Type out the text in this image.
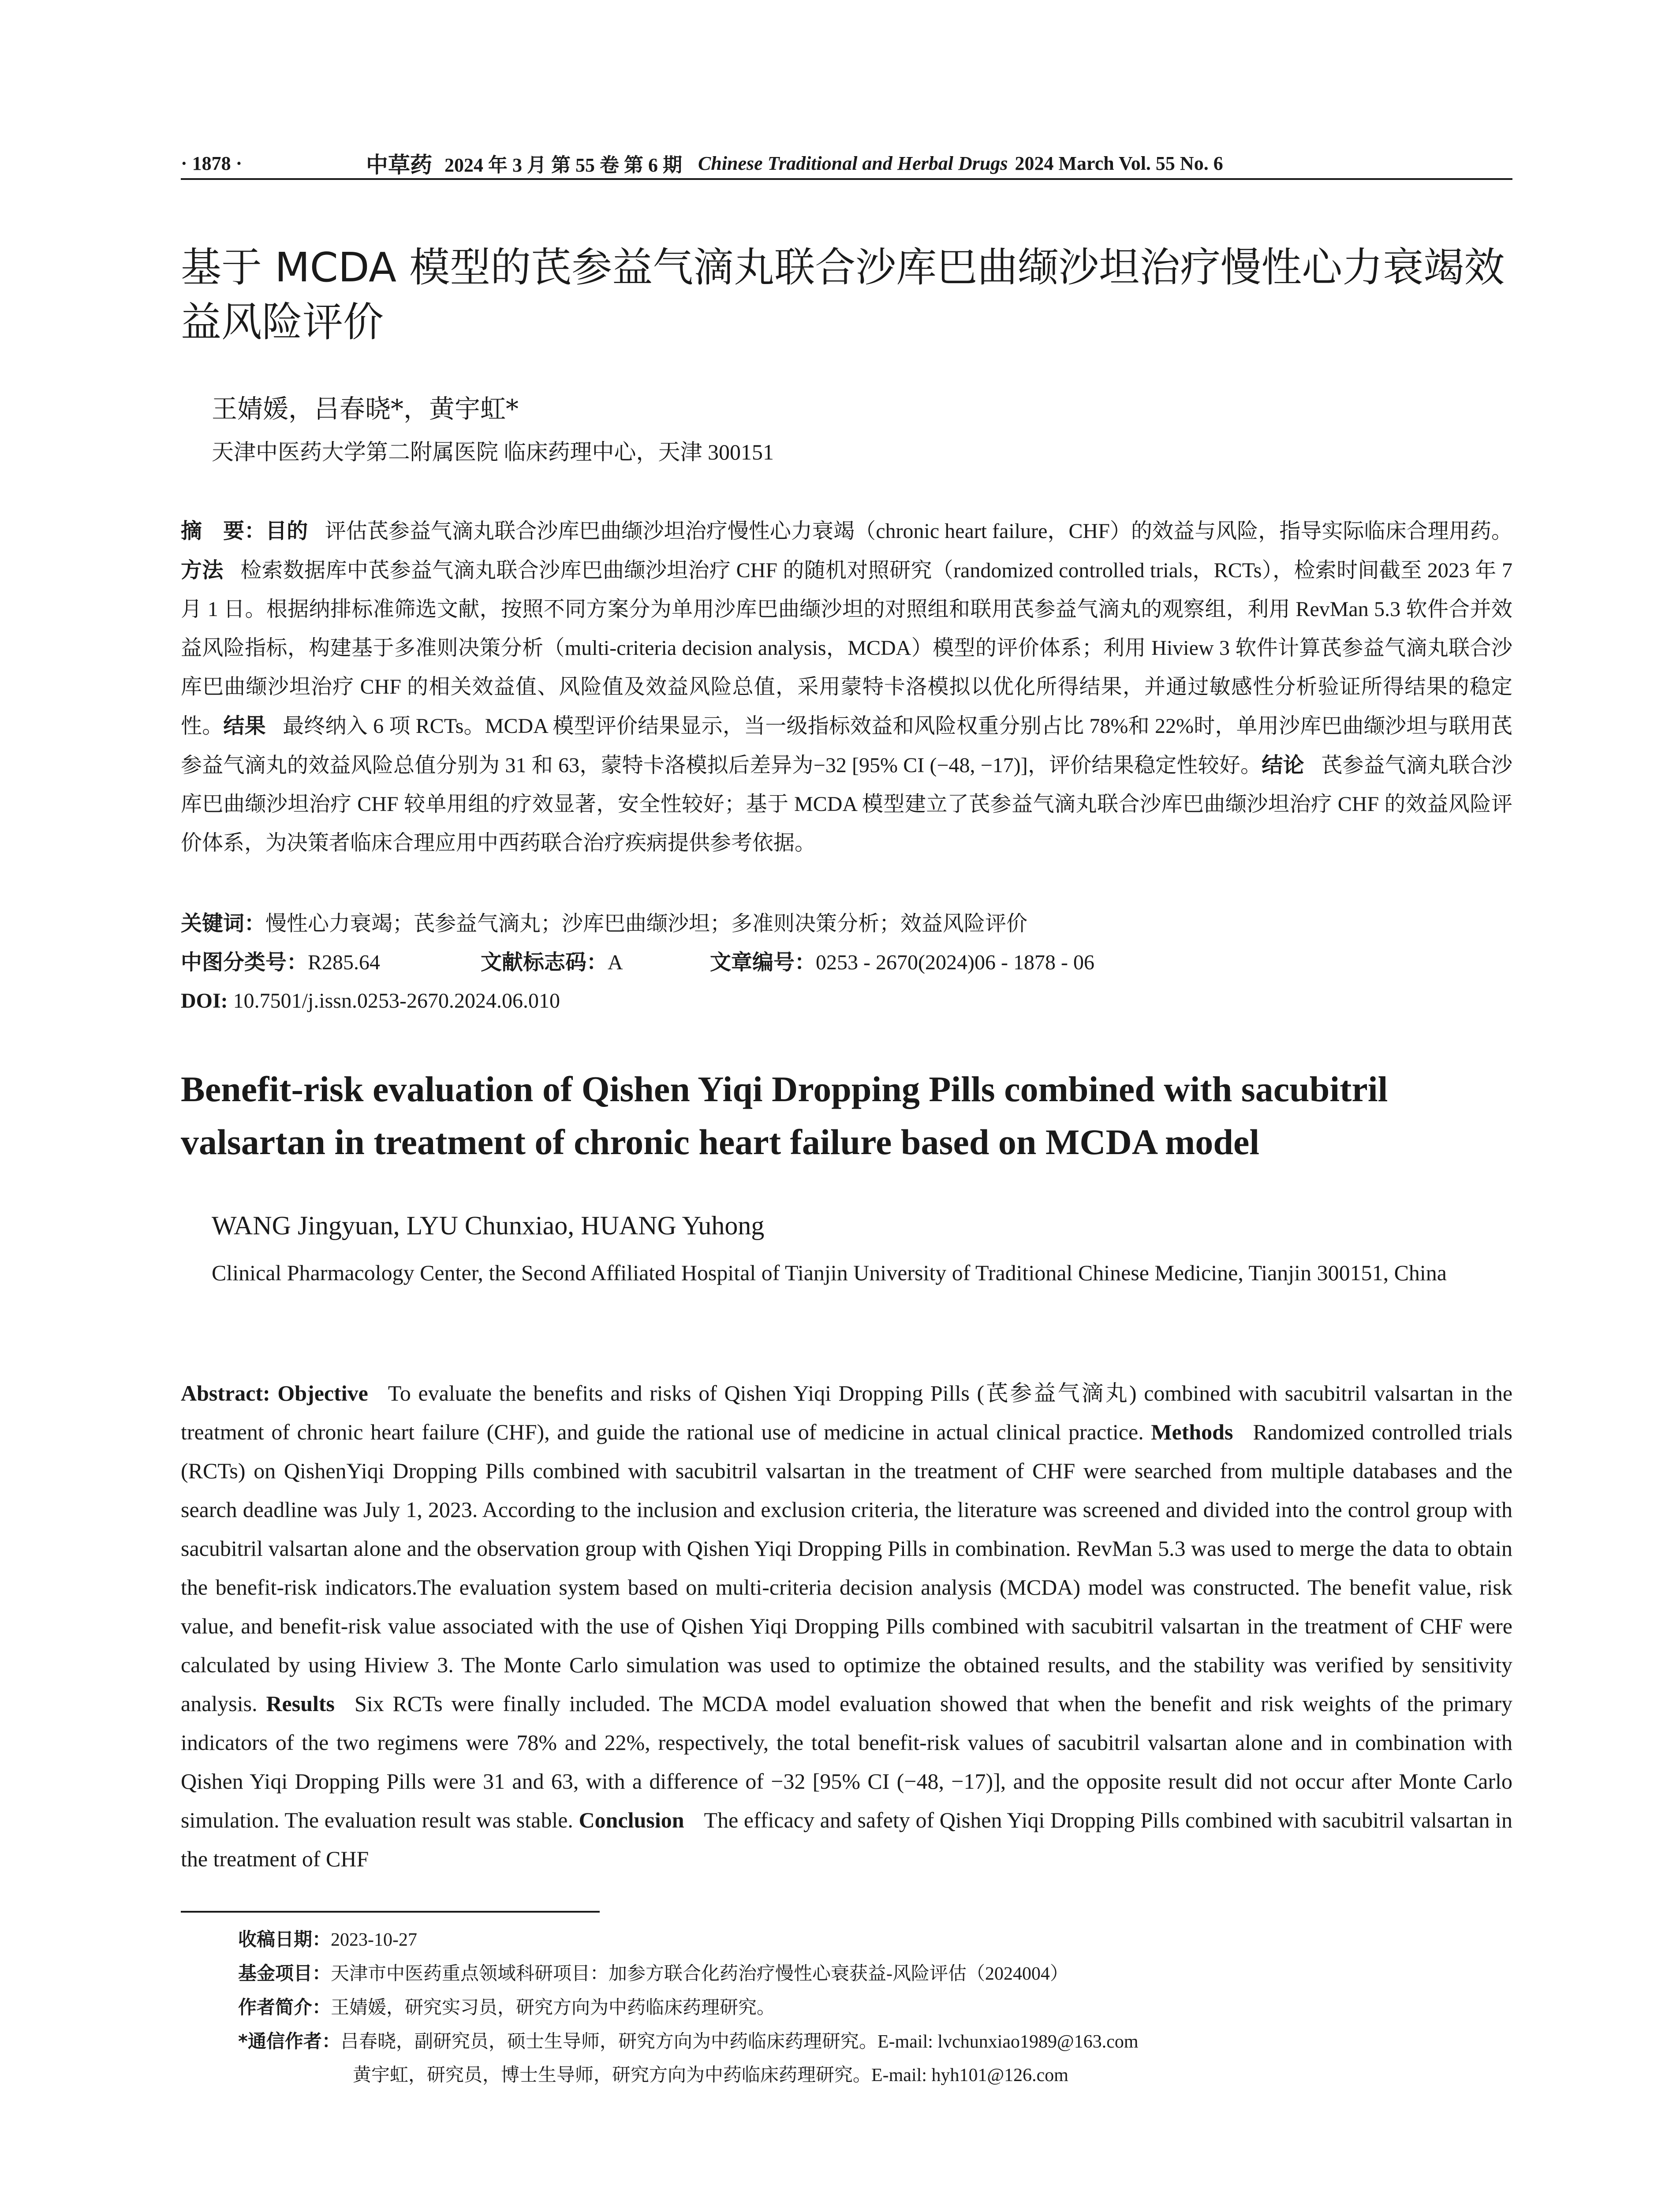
· 1878 ·	中草药 2024 年 3 月 第 55 卷 第 6 期 Chinese Traditional and Herbal Drugs 2024 March Vol. 55 No. 6
基于 MCDA 模型的芪参益气滴丸联合沙库巴曲缬沙坦治疗慢性心力衰竭效益风险评价
王婧媛，吕春晓*，黄宇虹*
天津中医药大学第二附属医院 临床药理中心，天津 300151
摘　要：目的 评估芪参益气滴丸联合沙库巴曲缬沙坦治疗慢性心力衰竭（chronic heart failure，CHF）的效益与风险，指导实际临床合理用药。方法 检索数据库中芪参益气滴丸联合沙库巴曲缬沙坦治疗 CHF 的随机对照研究（randomized controlled trials，RCTs），检索时间截至 2023 年 7 月 1 日。根据纳排标准筛选文献，按照不同方案分为单用沙库巴曲缬沙坦的对照组和联用芪参益气滴丸的观察组，利用 RevMan 5.3 软件合并效益风险指标，构建基于多准则决策分析（multi-criteria decision analysis，MCDA）模型的评价体系；利用 Hiview 3 软件计算芪参益气滴丸联合沙库巴曲缬沙坦治疗 CHF 的相关效益值、风险值及效益风险总值，采用蒙特卡洛模拟以优化所得结果，并通过敏感性分析验证所得结果的稳定性。结果 最终纳入 6 项 RCTs。MCDA 模型评价结果显示，当一级指标效益和风险权重分别占比 78%和 22%时，单用沙库巴曲缬沙坦与联用芪参益气滴丸的效益风险总值分别为 31 和 63，蒙特卡洛模拟后差异为−32 [95% CI (−48, −17)]，评价结果稳定性较好。结论 芪参益气滴丸联合沙库巴曲缬沙坦治疗 CHF 较单用组的疗效显著，安全性较好；基于 MCDA 模型建立了芪参益气滴丸联合沙库巴曲缬沙坦治疗 CHF 的效益风险评价体系，为决策者临床合理应用中西药联合治疗疾病提供参考依据。
关键词：慢性心力衰竭；芪参益气滴丸；沙库巴曲缬沙坦；多准则决策分析；效益风险评价
中图分类号：R285.64	文献标志码：A	文章编号：0253 - 2670(2024)06 - 1878 - 06
DOI: 10.7501/j.issn.0253-2670.2024.06.010
Benefit-risk evaluation of Qishen Yiqi Dropping Pills combined with sacubitril valsartan in treatment of chronic heart failure based on MCDA model
WANG Jingyuan, LYU Chunxiao, HUANG Yuhong
Clinical Pharmacology Center, the Second Affiliated Hospital of Tianjin University of Traditional Chinese Medicine, Tianjin 300151, China
Abstract: Objective To evaluate the benefits and risks of Qishen Yiqi Dropping Pills (芪参益气滴丸) combined with sacubitril valsartan in the treatment of chronic heart failure (CHF), and guide the rational use of medicine in actual clinical practice. Methods Randomized controlled trials (RCTs) on QishenYiqi Dropping Pills combined with sacubitril valsartan in the treatment of CHF were searched from multiple databases and the search deadline was July 1, 2023. According to the inclusion and exclusion criteria, the literature was screened and divided into the control group with sacubitril valsartan alone and the observation group with Qishen Yiqi Dropping Pills in combination. RevMan 5.3 was used to merge the data to obtain the benefit-risk indicators.The evaluation system based on multi-criteria decision analysis (MCDA) model was constructed. The benefit value, risk value, and benefit-risk value associated with the use of Qishen Yiqi Dropping Pills combined with sacubitril valsartan in the treatment of CHF were calculated by using Hiview 3. The Monte Carlo simulation was used to optimize the obtained results, and the stability was verified by sensitivity analysis. Results Six RCTs were finally included. The MCDA model evaluation showed that when the benefit and risk weights of the primary indicators of the two regimens were 78% and 22%, respectively, the total benefit-risk values of sacubitril valsartan alone and in combination with Qishen Yiqi Dropping Pills were 31 and 63, with a difference of −32 [95% CI (−48, −17)], and the opposite result did not occur after Monte Carlo simulation. The evaluation result was stable. Conclusion The efficacy and safety of Qishen Yiqi Dropping Pills combined with sacubitril valsartan in the treatment of CHF
收稿日期：2023-10-27
基金项目：天津市中医药重点领域科研项目：加参方联合化药治疗慢性心衰获益-风险评估（2024004）
作者简介：王婧媛，研究实习员，研究方向为中药临床药理研究。
*通信作者：吕春晓，副研究员，硕士生导师，研究方向为中药临床药理研究。E-mail: lvchunxiao1989@163.com
黄宇虹，研究员，博士生导师，研究方向为中药临床药理研究。E-mail: hyh101@126.com
